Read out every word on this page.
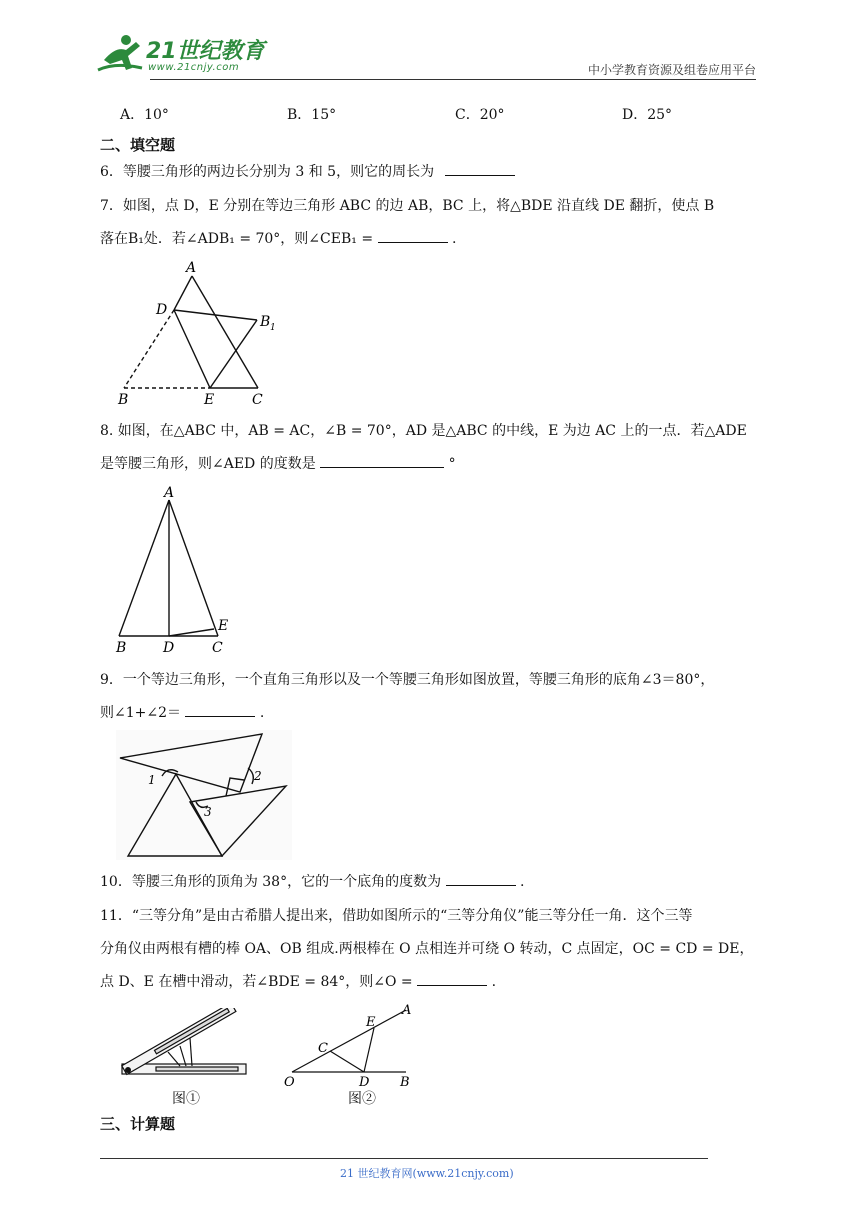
21世纪教育
www.21cnjy.com	中小学教育资源及组卷应用平台
A．10°	B．15°	C．20°	D．25°
二、填空题
6．等腰三角形的两边长分别为 3 和 5，则它的周长为
7．如图，点 D，E 分别在等边三角形 ABC 的边 AB，BC 上，将△BDE 沿直线 DE 翻折，使点 B
落在B₁处．若∠ADB₁ = 70°，则∠CEB₁ =	.
A
D
B 1
B	E	C
8. 如图，在△ABC 中，AB = AC，∠B = 70°，AD 是△ABC 的中线，E 为边 AC 上的一点．若△ADE
是等腰三角形，则∠AED 的度数是	°
A
B	D	C
E
9．一个等边三角形，一个直角三角形以及一个等腰三角形如图放置，等腰三角形的底角∠3＝80°，
则∠1+∠2＝	.
1	2
3
10．等腰三角形的顶角为 38°，它的一个底角的度数为	.
11．“三等分角”是由古希腊人提出来，借助如图所示的“三等分角仪”能三等分任一角．这个三等
分角仪由两根有槽的棒 OA、OB 组成.两根棒在 O 点相连并可绕 O 转动，C 点固定，OC = CD = DE，
点 D、E 在槽中滑动，若∠BDE = 84°，则∠O =	.
图①
A
E
C
O	D B
图②
三、计算题
21 世纪教育网(www.21cnjy.com)
